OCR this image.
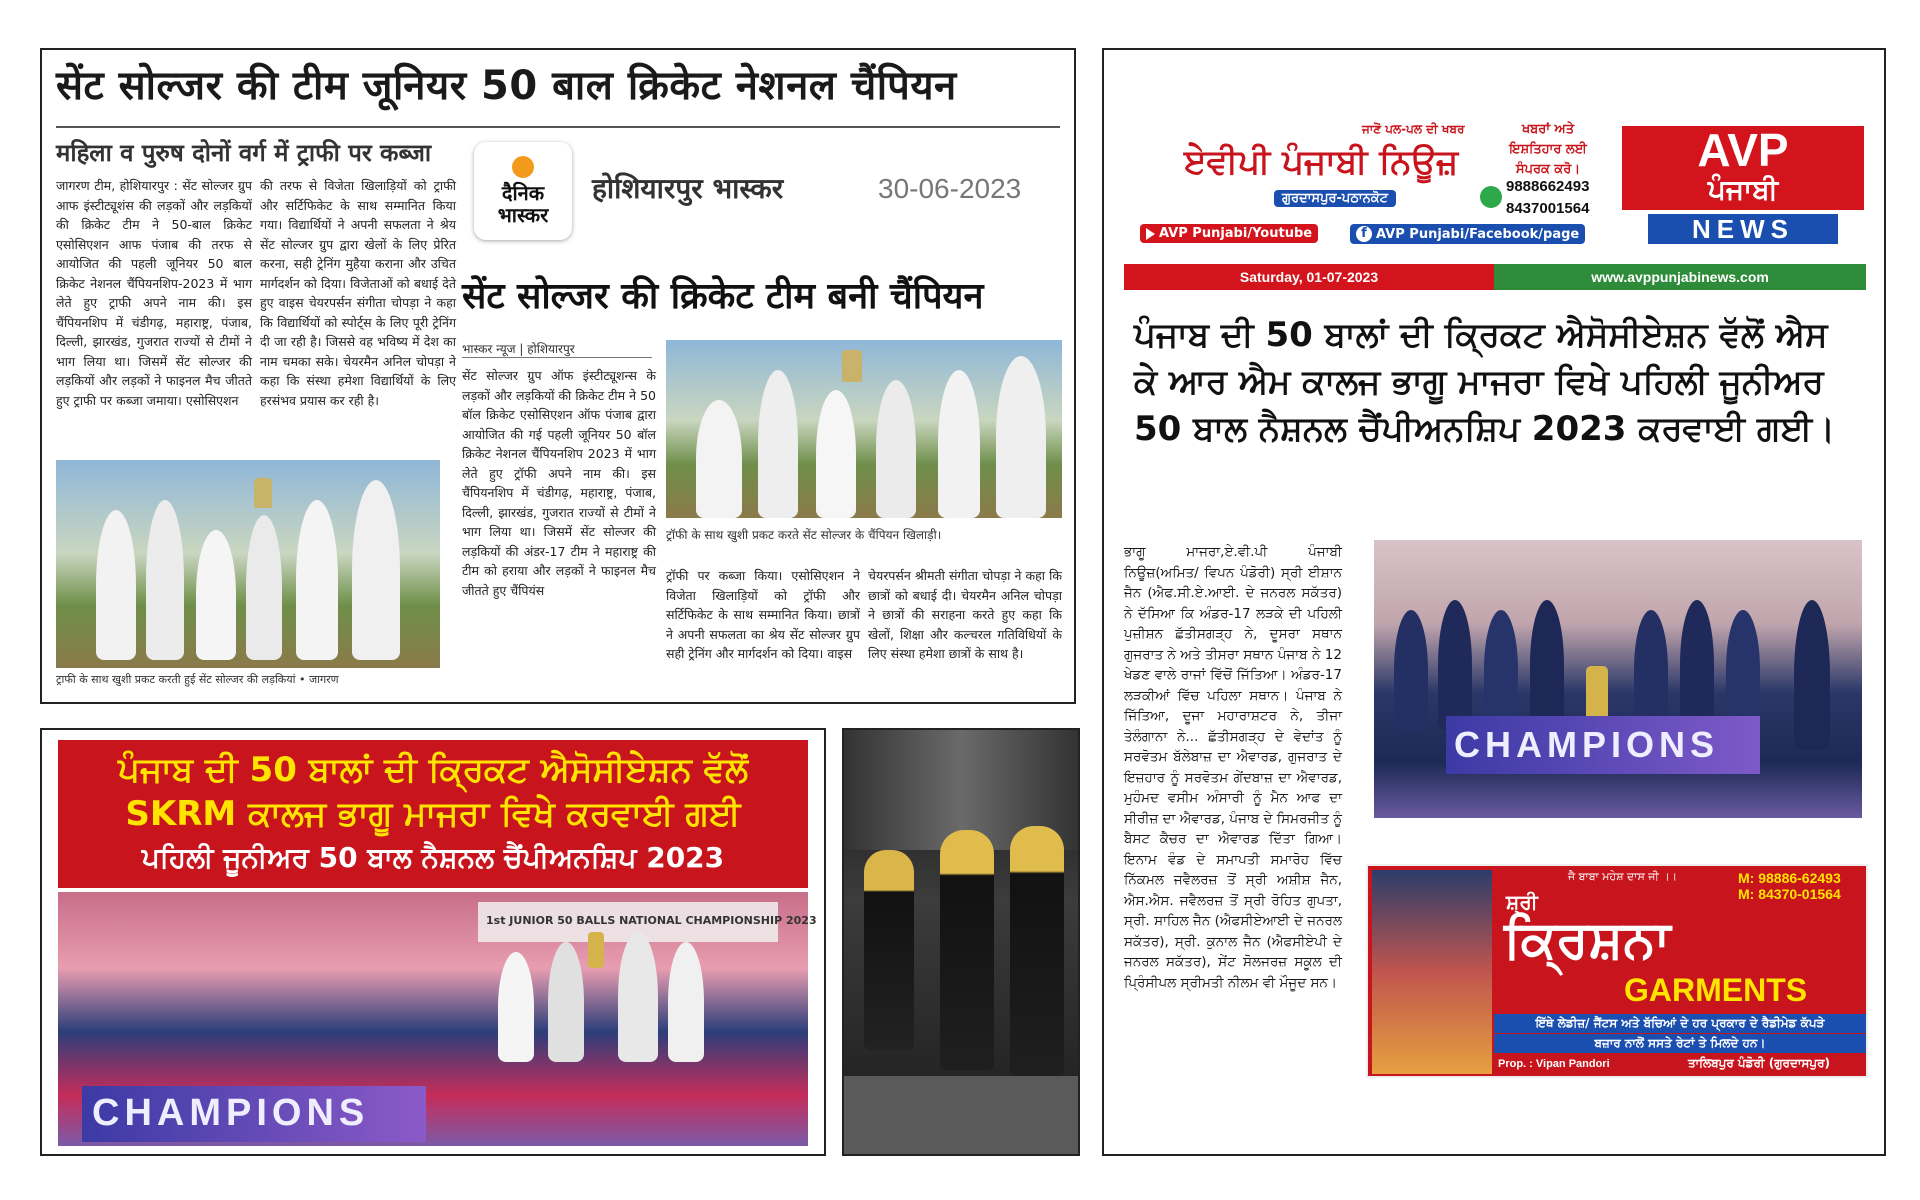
सेंट सोल्जर की टीम जूनियर 50 बाल क्रिकेट नेशनल चैंपियन
महिला व पुरुष दोनों वर्ग में ट्राफी पर कब्जा
जागरण टीम, होशियारपुर : सेंट सोल्जर ग्रुप आफ इंस्टीट्यूशंस की लड़कों और लड़कियों की क्रिकेट टीम ने 50-बाल क्रिकेट एसोसिएशन आफ पंजाब की तरफ से आयोजित की पहली जूनियर 50 बाल क्रिकेट नेशनल चैंपियनशिप-2023 में भाग लेते हुए ट्राफी अपने नाम की। इस चैंपियनशिप में चंडीगढ़, महाराष्ट्र, पंजाब, दिल्ली, झारखंड, गुजरात राज्यों से टीमों ने भाग लिया था। जिसमें सेंट सोल्जर की लड़कियों और लड़कों ने फाइनल मैच जीतते हुए ट्राफी पर कब्जा जमाया। एसोसिएशन
की तरफ से विजेता खिलाड़ियों को ट्राफी और सर्टिफिकेट के साथ सम्मानित किया गया। विद्यार्थियों ने अपनी सफलता ने श्रेय सेंट सोल्जर ग्रुप द्वारा खेलों के लिए प्रेरित करना, सही ट्रेनिंग मुहैया कराना और उचित मार्गदर्शन को दिया। विजेताओं को बधाई देते हुए वाइस चेयरपर्सन संगीता चोपड़ा ने कहा कि विद्यार्थियों को स्पोर्ट्स के लिए पूरी ट्रेनिंग दी जा रही है। जिससे वह भविष्य में देश का नाम चमका सके। चेयरमैन अनिल चोपड़ा ने कहा कि संस्था हमेशा विद्यार्थियों के लिए हरसंभव प्रयास कर रही है।
ट्राफी के साथ खुशी प्रकट करती हुई सेंट सोल्जर की लड़कियां • जागरण
दैनिक
भास्कर
होशियारपुर भास्कर	30-06-2023
सेंट सोल्जर की क्रिकेट टीम बनी चैंपियन
भास्कर न्यूज | होशियारपुर
सेंट सोल्जर ग्रुप ऑफ इंस्टीट्यूशन्स के लड़कों और लड़कियों की क्रिकेट टीम ने 50 बॉल क्रिकेट एसोसिएशन ऑफ पंजाब द्वारा आयोजित की गई पहली जूनियर 50 बॉल क्रिकेट नेशनल चैंपियनशिप 2023 में भाग लेते हुए ट्रॉफी अपने नाम की। इस चैंपियनशिप में चंडीगढ़, महाराष्ट्र, पंजाब, दिल्ली, झारखंड, गुजरात राज्यों से टीमों ने भाग लिया था। जिसमें सेंट सोल्जर की लड़कियों की अंडर-17 टीम ने महाराष्ट्र की टीम को हराया और लड़कों ने फाइनल मैच जीतते हुए चैंपियंस
ट्रॉफी के साथ खुशी प्रकट करते सेंट सोल्जर के चैंपियन खिलाड़ी।
ट्रॉफी पर कब्जा किया। एसोसिएशन ने विजेता खिलाड़ियों को ट्रॉफी और सर्टिफिकेट के साथ सम्मानित किया। छात्रों ने अपनी सफलता का श्रेय सेंट सोल्जर ग्रुप सही ट्रेनिंग और मार्गदर्शन को दिया। वाइस
चेयरपर्सन श्रीमती संगीता चोपड़ा ने कहा कि छात्रों को बधाई दी। चेयरमैन अनिल चोपड़ा ने छात्रों की सराहना करते हुए कहा कि खेलों, शिक्षा और कल्चरल गतिविधियों के लिए संस्था हमेशा छात्रों के साथ है।
ਪੰਜਾਬ ਦੀ 50 ਬਾਲਾਂ ਦੀ ਕ੍ਰਿਕਟ ਐਸੋਸੀਏਸ਼ਨ ਵੱਲੋਂ
SKRM ਕਾਲਜ ਭਾਗੂ ਮਾਜਰਾ ਵਿਖੇ ਕਰਵਾਈ ਗਈ
ਪਹਿਲੀ ਜੂਨੀਅਰ 50 ਬਾਲ ਨੈਸ਼ਨਲ ਚੈਂਪੀਅਨਸ਼ਿਪ 2023
1st JUNIOR 50 BALLS NATIONAL CHAMPIONSHIP 2023
CHAMPIONS
ਜਾਣੋਂ ਪਲ-ਪਲ ਦੀ ਖਬਰ
ਏਵੀਪੀ ਪੰਜਾਬੀ ਨਿਊਜ਼
ਗੁਰਦਾਸਪੁਰ-ਪਠਾਨਕੋਟ
ਖਬਰਾਂ ਅਤੇ ਇਸ਼ਤਿਹਾਰ ਲਈ ਸੰਪਰਕ ਕਰੋ।
9888662493
8437001564
AVP Punjabi/Youtube	f AVP Punjabi/Facebook/page
AVP
ਪੰਜਾਬੀ
NEWS
Saturday, 01-07-2023	www.avppunjabinews.com
ਪੰਜਾਬ ਦੀ 50 ਬਾਲਾਂ ਦੀ ਕ੍ਰਿਕਟ ਐਸੋਸੀਏਸ਼ਨ ਵੱਲੋਂ ਐਸ ਕੇ ਆਰ ਐਮ ਕਾਲਜ ਭਾਗੂ ਮਾਜਰਾ ਵਿਖੇ ਪਹਿਲੀ ਜੂਨੀਅਰ 50 ਬਾਲ ਨੈਸ਼ਨਲ ਚੈਂਪੀਅਨਸ਼ਿਪ 2023 ਕਰਵਾਈ ਗਈ।
ਭਾਗੂ ਮਾਜਰਾ,ਏ.ਵੀ.ਪੀ ਪੰਜਾਬੀ ਨਿਊਜ਼(ਅਮਿਤ/ ਵਿਪਨ ਪੰਡੋਰੀ) ਸ੍ਰੀ ਈਸ਼ਾਨ ਜੈਨ (ਐਫ.ਸੀ.ਏ.ਆਈ. ਦੇ ਜਨਰਲ ਸਕੱਤਰ) ਨੇ ਦੱਸਿਆ ਕਿ ਅੰਡਰ-17 ਲੜਕੇ ਦੀ ਪਹਿਲੀ ਪੁਜ਼ੀਸ਼ਨ ਛੱਤੀਸਗੜ੍ਹ ਨੇ, ਦੂਸਰਾ ਸਥਾਨ ਗੁਜਰਾਤ ਨੇ ਅਤੇ ਤੀਸਰਾ ਸਥਾਨ ਪੰਜਾਬ ਨੇ 12 ਖੇਡਣ ਵਾਲੇ ਰਾਜਾਂ ਵਿੱਚੋਂ ਜਿੱਤਿਆ। ਅੰਡਰ-17 ਲੜਕੀਆਂ ਵਿੱਚ ਪਹਿਲਾ ਸਥਾਨ। ਪੰਜਾਬ ਨੇ ਜਿੱਤਿਆ, ਦੂਜਾ ਮਹਾਰਾਸ਼ਟਰ ਨੇ, ਤੀਜਾ ਤੇਲੰਗਾਨਾ ਨੇ... ਛੱਤੀਸਗੜ੍ਹ ਦੇ ਵੇਦਾਂਤ ਨੂੰ ਸਰਵੋਤਮ ਬੱਲੇਬਾਜ਼ ਦਾ ਐਵਾਰਡ, ਗੁਜਰਾਤ ਦੇ ਇਜ਼ਹਾਰ ਨੂੰ ਸਰਵੋਤਮ ਗੇਂਦਬਾਜ਼ ਦਾ ਐਵਾਰਡ, ਮੁਹੰਮਦ ਵਸੀਮ ਅੰਸਾਰੀ ਨੂੰ ਮੈਨ ਆਫ ਦਾ ਸੀਰੀਜ਼ ਦਾ ਐਵਾਰਡ, ਪੰਜਾਬ ਦੇ ਸਿਮਰਜੀਤ ਨੂੰ ਬੈਸਟ ਕੈਚਰ ਦਾ ਐਵਾਰਡ ਦਿੱਤਾ ਗਿਆ। ਇਨਾਮ ਵੰਡ ਦੇ ਸਮਾਪਤੀ ਸਮਾਰੋਹ ਵਿੱਚ ਨਿੱਕਮਲ ਜਵੈਲਰਜ਼ ਤੋਂ ਸ੍ਰੀ ਅਸ਼ੀਸ਼ ਜੈਨ, ਐਸ.ਐਸ. ਜਵੈਲਰਜ਼ ਤੋਂ ਸ੍ਰੀ ਰੋਹਿਤ ਗੁਪਤਾ, ਸ੍ਰੀ. ਸਾਹਿਲ ਜੈਨ (ਐਫਸੀਏਆਈ ਦੇ ਜਨਰਲ ਸਕੱਤਰ), ਸ੍ਰੀ. ਕੁਨਾਲ ਜੈਨ (ਐਫਸੀਏਪੀ ਦੇ ਜਨਰਲ ਸਕੱਤਰ), ਸੇਂਟ ਸੋਲਜਰਜ਼ ਸਕੂਲ ਦੀ ਪ੍ਰਿੰਸੀਪਲ ਸ੍ਰੀਮਤੀ ਨੀਲਮ ਵੀ ਮੌਜੂਦ ਸਨ।
CHAMPIONS
ਜੈ ਬਾਬਾ ਮਹੇਸ਼ ਦਾਸ ਜੀ ।।	M: 98886-62493
M: 84370-01564
ਸ਼੍ਰੀ
ਕ੍ਰਿਸ਼ਨਾ
GARMENTS
ਇੱਥੇ ਲੇਡੀਜ਼/ ਜੈਂਟਸ ਅਤੇ ਬੱਚਿਆਂ ਦੇ ਹਰ ਪ੍ਰਕਾਰ ਦੇ ਰੈਡੀਮੇਡ ਕੱਪੜੇ
ਬਜ਼ਾਰ ਨਾਲੋਂ ਸਸਤੇ ਰੇਟਾਂ ਤੇ ਮਿਲਦੇ ਹਨ।
Prop. : Vipan Pandori	ਤਾਲਿਬਪੁਰ ਪੰਡੋਰੀ (ਗੁਰਦਾਸਪੁਰ)
